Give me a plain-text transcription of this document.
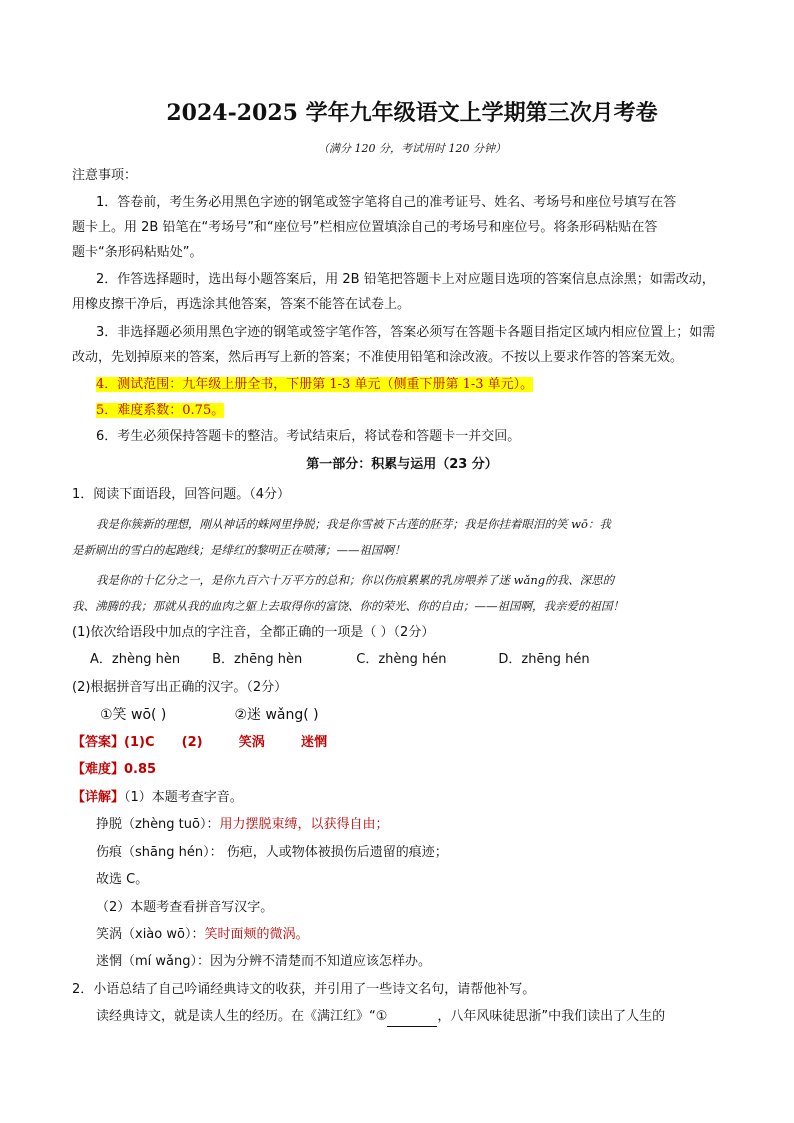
2024-2025 学年九年级语文上学期第三次月考卷
（满分 120 分，考试用时 120 分钟）
注意事项：
1．答卷前，考生务必用黑色字迹的钢笔或签字笔将自己的准考证号、姓名、考场号和座位号填写在答
题卡上。用 2B 铅笔在“考场号”和“座位号”栏相应位置填涂自己的考场号和座位号。将条形码粘贴在答
题卡“条形码粘贴处”。
2．作答选择题时，选出每小题答案后，用 2B 铅笔把答题卡上对应题目选项的答案信息点涂黑；如需改动，
用橡皮擦干净后，再选涂其他答案，答案不能答在试卷上。
3．非选择题必须用黑色字迹的钢笔或签字笔作答，答案必须写在答题卡各题目指定区域内相应位置上；如需
改动，先划掉原来的答案，然后再写上新的答案；不准使用铅笔和涂改液。不按以上要求作答的答案无效。
4．测试范围：九年级上册全书，下册第 1-3 单元（侧重下册第 1-3 单元）。
5．难度系数：0.75。
6．考生必须保持答题卡的整洁。考试结束后，将试卷和答题卡一并交回。
第一部分：积累与运用（23 分）
1．阅读下面语段，回答问题。（4分）
我是你簇新的理想，刚从神话的蛛网里挣脱；我是你雪被下古莲的胚芽；我是你挂着眼泪的笑 wō：我
是新刷出的雪白的起跑线；是绯红的黎明正在喷薄；——祖国啊！
我是你的十亿分之一，是你九百六十万平方的总和；你以伤痕累累的乳房喂养了迷 wǎng的我、深思的
我、沸腾的我；那就从我的血肉之躯上去取得你的富饶、你的荣光、你的自由；——祖国啊，我亲爱的祖国！
(1)依次给语段中加点的字注音，全都正确的一项是（ ）（2分）
A．zhèng hèn B．zhēng hèn	C．zhèng hén	D．zhēng hén
(2)根据拼音写出正确的汉字。（2分）
①笑 wō( )	②迷 wǎng( )
【答案】(1)C      (2)        笑涡        迷惘
【难度】0.85
【详解】（1）本题考查字音。
挣脱（zhèng tuō）：用力摆脱束缚，以获得自由；
伤痕（shāng hén）： 伤疤，人或物体被损伤后遗留的痕迹；
故选 C。
（2）本题考查看拼音写汉字。
笑涡（xiào wō）：笑时面颊的微涡。
迷惘（mí wǎng）：因为分辨不清楚而不知道应该怎样办。
2．小语总结了自己吟诵经典诗文的收获，并引用了一些诗文名句，请帮他补写。
读经典诗文，就是读人生的经历。在《满江红》“①	，八年风味徒思浙”中我们读出了人生的
